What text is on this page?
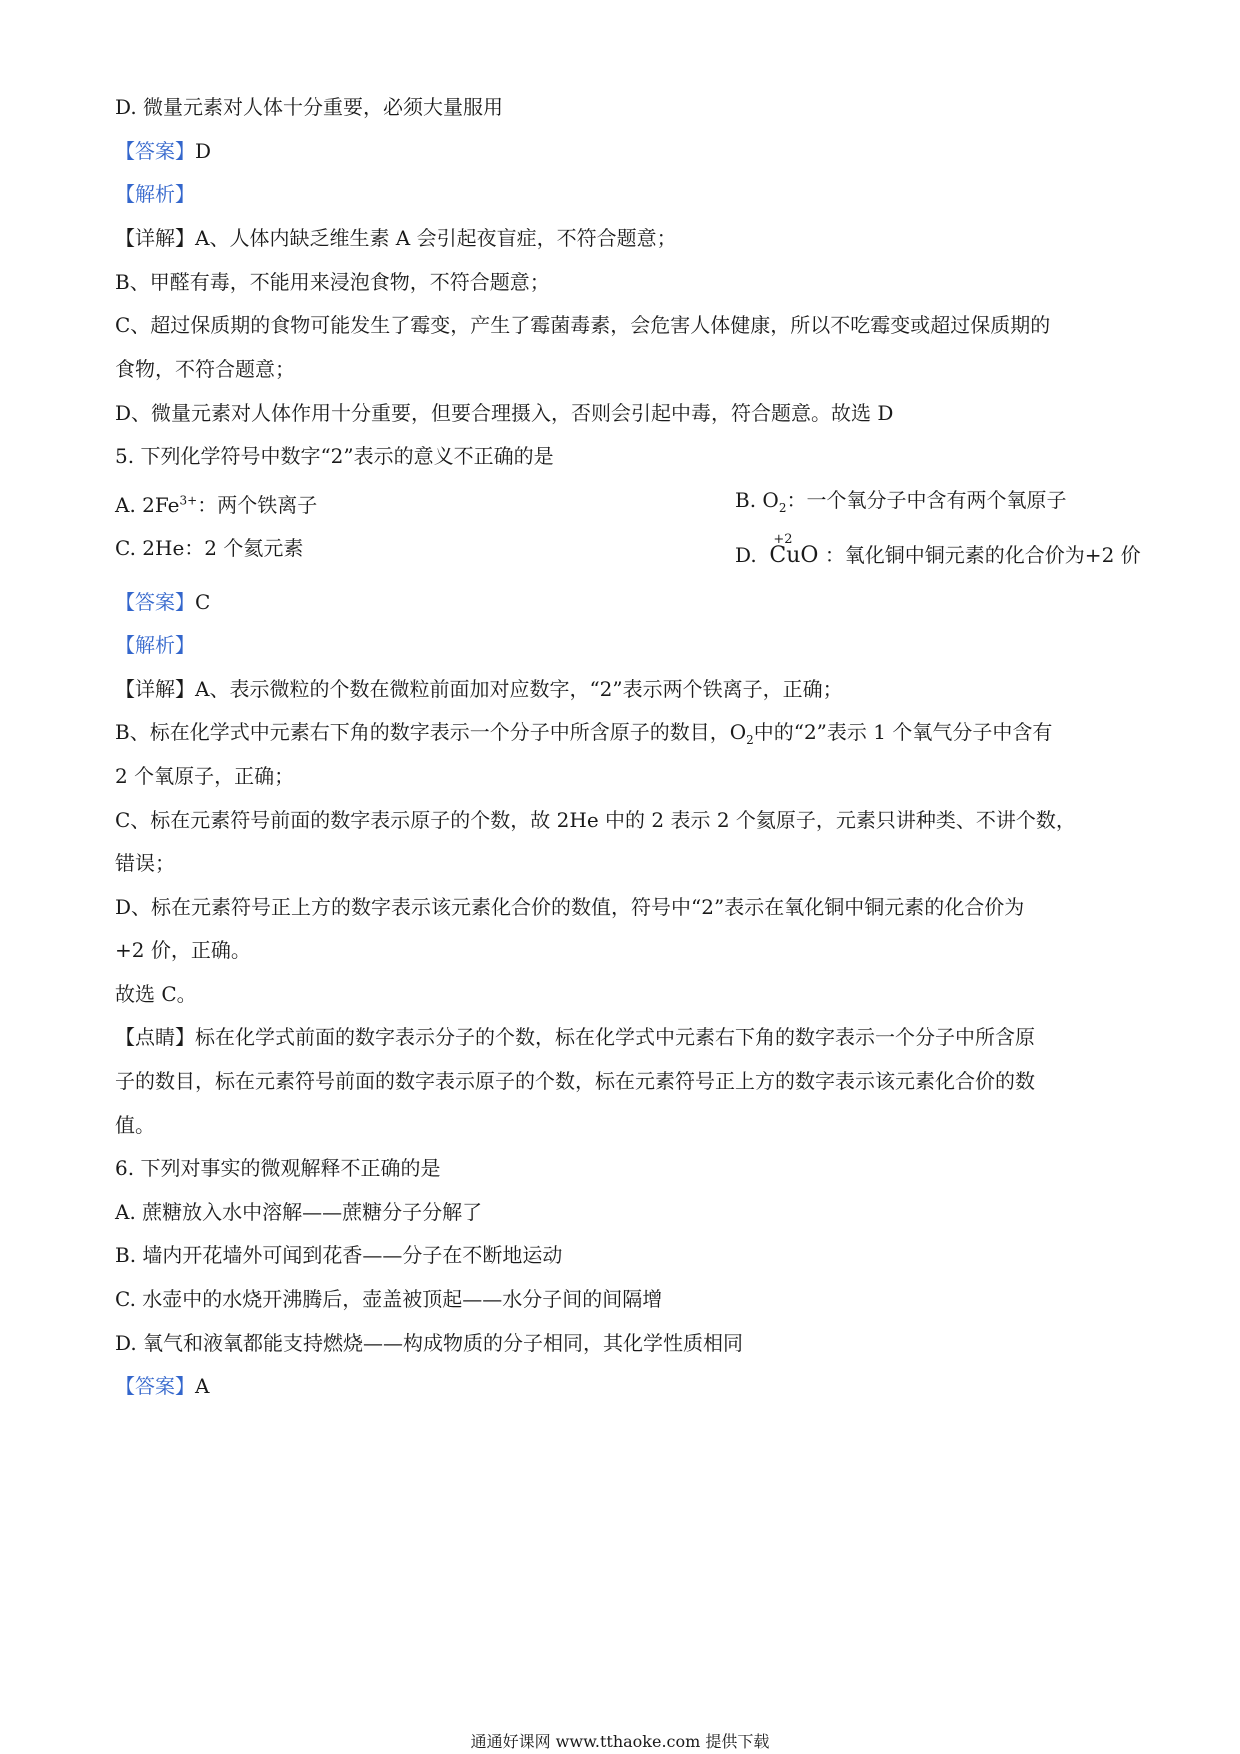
D. 微量元素对人体十分重要，必须大量服用
【答案】D
【解析】
【详解】A、人体内缺乏维生素 A 会引起夜盲症，不符合题意；
B、甲醛有毒，不能用来浸泡食物，不符合题意；
C、超过保质期的食物可能发生了霉变，产生了霉菌毒素，会危害人体健康，所以不吃霉变或超过保质期的
食物，不符合题意；
D、微量元素对人体作用十分重要，但要合理摄入，否则会引起中毒，符合题意。故选 D
5. 下列化学符号中数字“2”表示的意义不正确的是
A. $2Fe^{3+}$：两个铁离子	B. $O_2$：一个氧分子中含有两个氧原子
C. 2He：2 个氦元素	D.
+2
CuO ：氧化铜中铜元素的化合价为+2 价
【答案】C
【解析】
【详解】A、表示微粒的个数在微粒前面加对应数字，“2”表示两个铁离子，正确；
B、标在化学式中元素右下角的数字表示一个分子中所含原子的数目，$O_2$中的“2”表示 1 个氧气分子中含有
2 个氧原子，正确；
C、标在元素符号前面的数字表示原子的个数，故 2He 中的 2 表示 2 个氦原子，元素只讲种类、不讲个数，
错误；
D、标在元素符号正上方的数字表示该元素化合价的数值，符号中“2”表示在氧化铜中铜元素的化合价为
+2 价，正确。
故选 C。
【点睛】标在化学式前面的数字表示分子的个数，标在化学式中元素右下角的数字表示一个分子中所含原
子的数目，标在元素符号前面的数字表示原子的个数，标在元素符号正上方的数字表示该元素化合价的数
值。
6. 下列对事实的微观解释不正确的是
A. 蔗糖放入水中溶解——蔗糖分子分解了
B. 墙内开花墙外可闻到花香——分子在不断地运动
C. 水壶中的水烧开沸腾后，壶盖被顶起——水分子间的间隔增
D. 氧气和液氧都能支持燃烧——构成物质的分子相同，其化学性质相同
【答案】A
通通好课网 www.tthaoke.com 提供下载
